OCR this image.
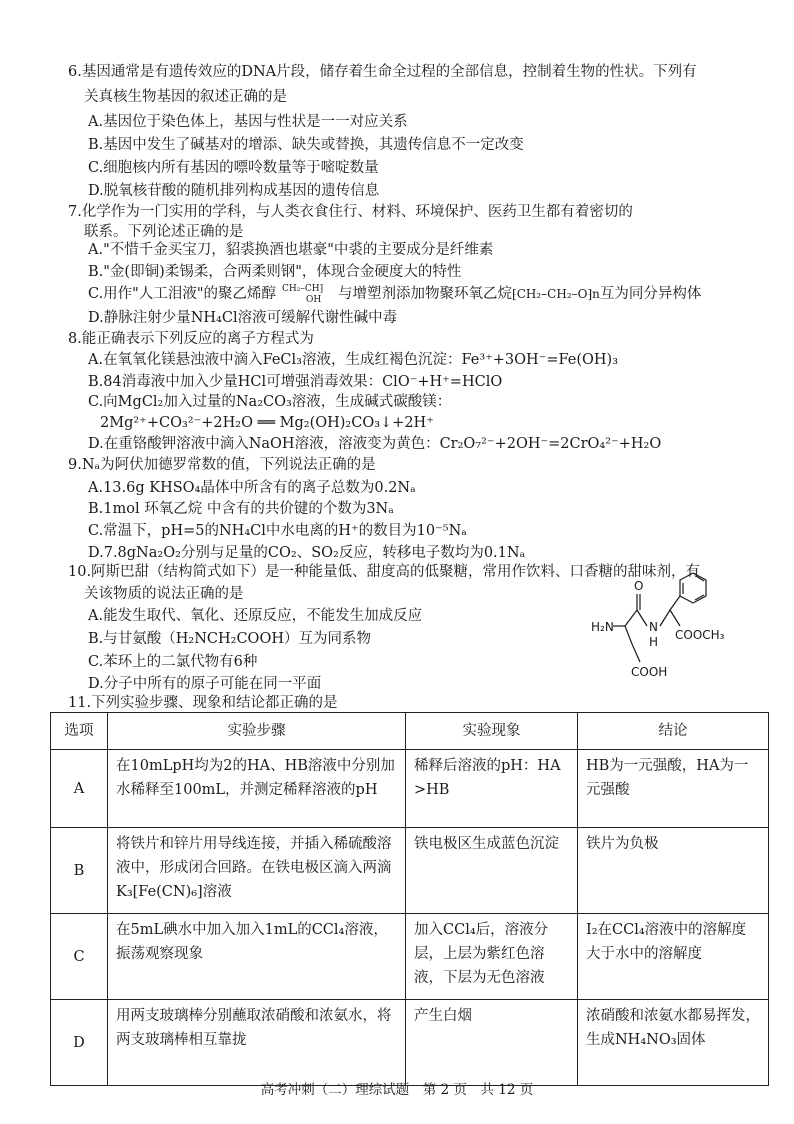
6.基因通常是有遗传效应的DNA片段，储存着生命全过程的全部信息，控制着生物的性状。下列有
关真核生物基因的叙述正确的是
A.基因位于染色体上，基因与性状是一一对应关系
B.基因中发生了碱基对的增添、缺失或替换，其遗传信息不一定改变
C.细胞核内所有基因的嘌呤数量等于嘧啶数量
D.脱氧核苷酸的随机排列构成基因的遗传信息
7.化学作为一门实用的学科，与人类衣食住行、材料、环境保护、医药卫生都有着密切的
联系。下列论述正确的是
A."不惜千金买宝刀，貂裘换酒也堪豪"中裘的主要成分是纤维素
B."金(即铜)柔锡柔，合两柔则钢"，体现合金硬度大的特性
C.用作"人工泪液"的聚乙烯醇 CH₂–CH⁆
OH 与增塑剂添加物聚环氧乙烷⁅CH₂–CH₂–O⁆n互为同分异构体
D.静脉注射少量NH₄Cl溶液可缓解代谢性碱中毒
8.能正确表示下列反应的离子方程式为
A.在氧氧化镁悬浊液中滴入FeCl₃溶液，生成红褐色沉淀：Fe³⁺+3OH⁻=Fe(OH)₃
B.84消毒液中加入少量HCl可增强消毒效果：ClO⁻+H⁺=HClO
C.向MgCl₂加入过量的Na₂CO₃溶液，生成碱式碳酸镁：
2Mg²⁺+CO₃²⁻+2H₂O ══ Mg₂(OH)₂CO₃↓+2H⁺
D.在重铬酸钾溶液中滴入NaOH溶液，溶液变为黄色：Cr₂O₇²⁻+2OH⁻=2CrO₄²⁻+H₂O
9.Nₐ为阿伏加德罗常数的值，下列说法正确的是
A.13.6g KHSO₄晶体中所含有的离子总数为0.2Nₐ
B.1mol 环氧乙烷 中含有的共价键的个数为3Nₐ
C.常温下，pH=5的NH₄Cl中水电离的H⁺的数目为10⁻⁵Nₐ
D.7.8gNa₂O₂分别与足量的CO₂、SO₂反应，转移电子数均为0.1Nₐ
10.阿斯巴甜（结构简式如下）是一种能量低、甜度高的低聚糖，常用作饮料、口香糖的甜味剂，有
关该物质的说法正确的是
A.能发生取代、氧化、还原反应，不能发生加成反应
B.与甘氨酸（H₂NCH₂COOH）互为同系物
C.苯环上的二氯代物有6种
D.分子中所有的原子可能在同一平面
H₂N
O
N
H COOCH₃
COOH
11.下列实验步骤、现象和结论都正确的是
选项	实验步骤	实验现象	结论
A	在10mLpH均为2的HA、HB溶液中分别加水稀释至100mL，并测定稀释溶液的pH	稀释后溶液的pH：HA>HB	HB为一元强酸，HA为一元强酸
B	将铁片和锌片用导线连接，并插入稀硫酸溶液中，形成闭合回路。在铁电极区滴入两滴K₃[Fe(CN)₆]溶液	铁电极区生成蓝色沉淀	铁片为负极
C	在5mL碘水中加入加入1mL的CCl₄溶液，振荡观察现象	加入CCl₄后，溶液分层，上层为紫红色溶液，下层为无色溶液	I₂在CCl₄溶液中的溶解度大于水中的溶解度
D	用两支玻璃棒分别蘸取浓硝酸和浓氨水，将两支玻璃棒相互靠拢	产生白烟	浓硝酸和浓氨水都易挥发，生成NH₄NO₃固体
高考冲刺（二）理综试题　第 2 页　共 12 页
